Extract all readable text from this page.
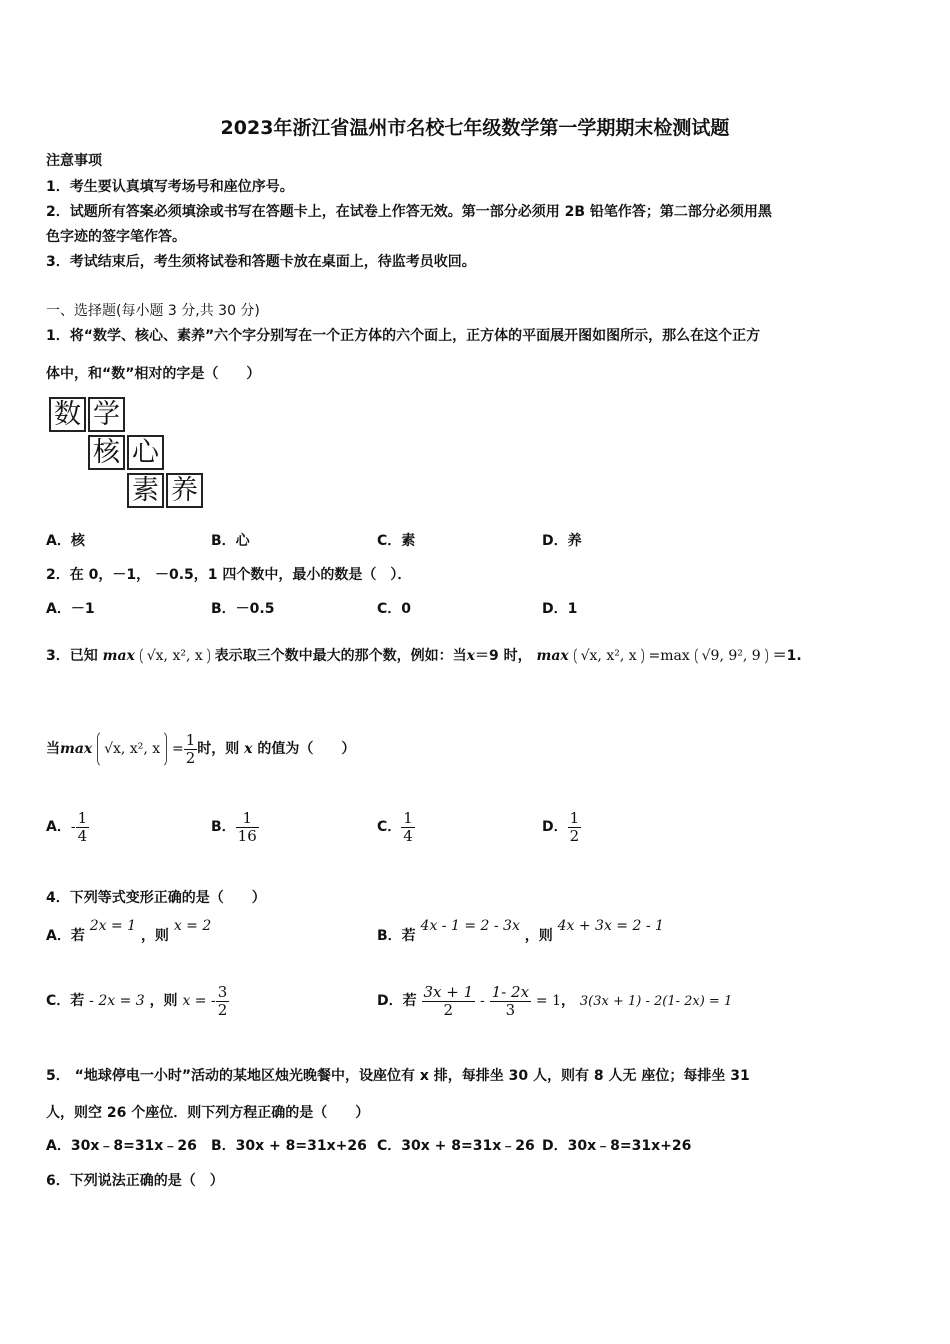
2023年浙江省温州市名校七年级数学第一学期期末检测试题
注意事项
1．考生要认真填写考场号和座位序号。
2．试题所有答案必须填涂或书写在答题卡上，在试卷上作答无效。第一部分必须用 2B 铅笔作答；第二部分必须用黑
色字迹的签字笔作答。
3．考试结束后，考生须将试卷和答题卡放在桌面上，待监考员收回。
一、选择题(每小题 3 分,共 30 分)
1．将“数学、核心、素养”六个字分别写在一个正方体的六个面上，正方体的平面展开图如图所示，那么在这个正方
体中，和“数”相对的字是（　　）
数 学
核 心
素 养
A．核	B．心	C．素	D．养
2．在 0，－1， －0.5，1 四个数中，最小的数是（　）．
A．－1	B．－0.5	C．0	D．1
3．已知 max √x, x², x 表示取三个数中最大的那个数，例如：当x＝9 时， max √x, x², x =max √9, 9², 9 ＝1.
当max √x, x², $x = \frac{1}{2}$ 时，则 x 的值为（　　）
A．- $\frac{1}{4}$	B． $\frac{1}{16}$	C． $\frac{1}{4}$	D． $\frac{1}{2}$
4．下列等式变形正确的是（　　）
A．若 2x = 1 ，则 x = 2
B．若 4x - 1 = 2 - 3x ，则 4x + 3x = 2 - 1
C．若 - 2x = 3 ，则 x = - $\frac{3}{2}$	D．若 $\frac{3x + 1}{2} - \frac{1- 2x}{3} = 1$， 3(3x + 1) - 2(1- 2x) = 1
5． “地球停电一小时”活动的某地区烛光晚餐中，设座位有 x 排，每排坐 30 人，则有 8 人无 座位；每排坐 31
人，则空 26 个座位．则下列方程正确的是（　　）
A．30x﹣8=31x﹣26 B．30x + 8=31x+26 C．30x + 8=31x﹣26 D．30x﹣8=31x+26
6．下列说法正确的是（　）
